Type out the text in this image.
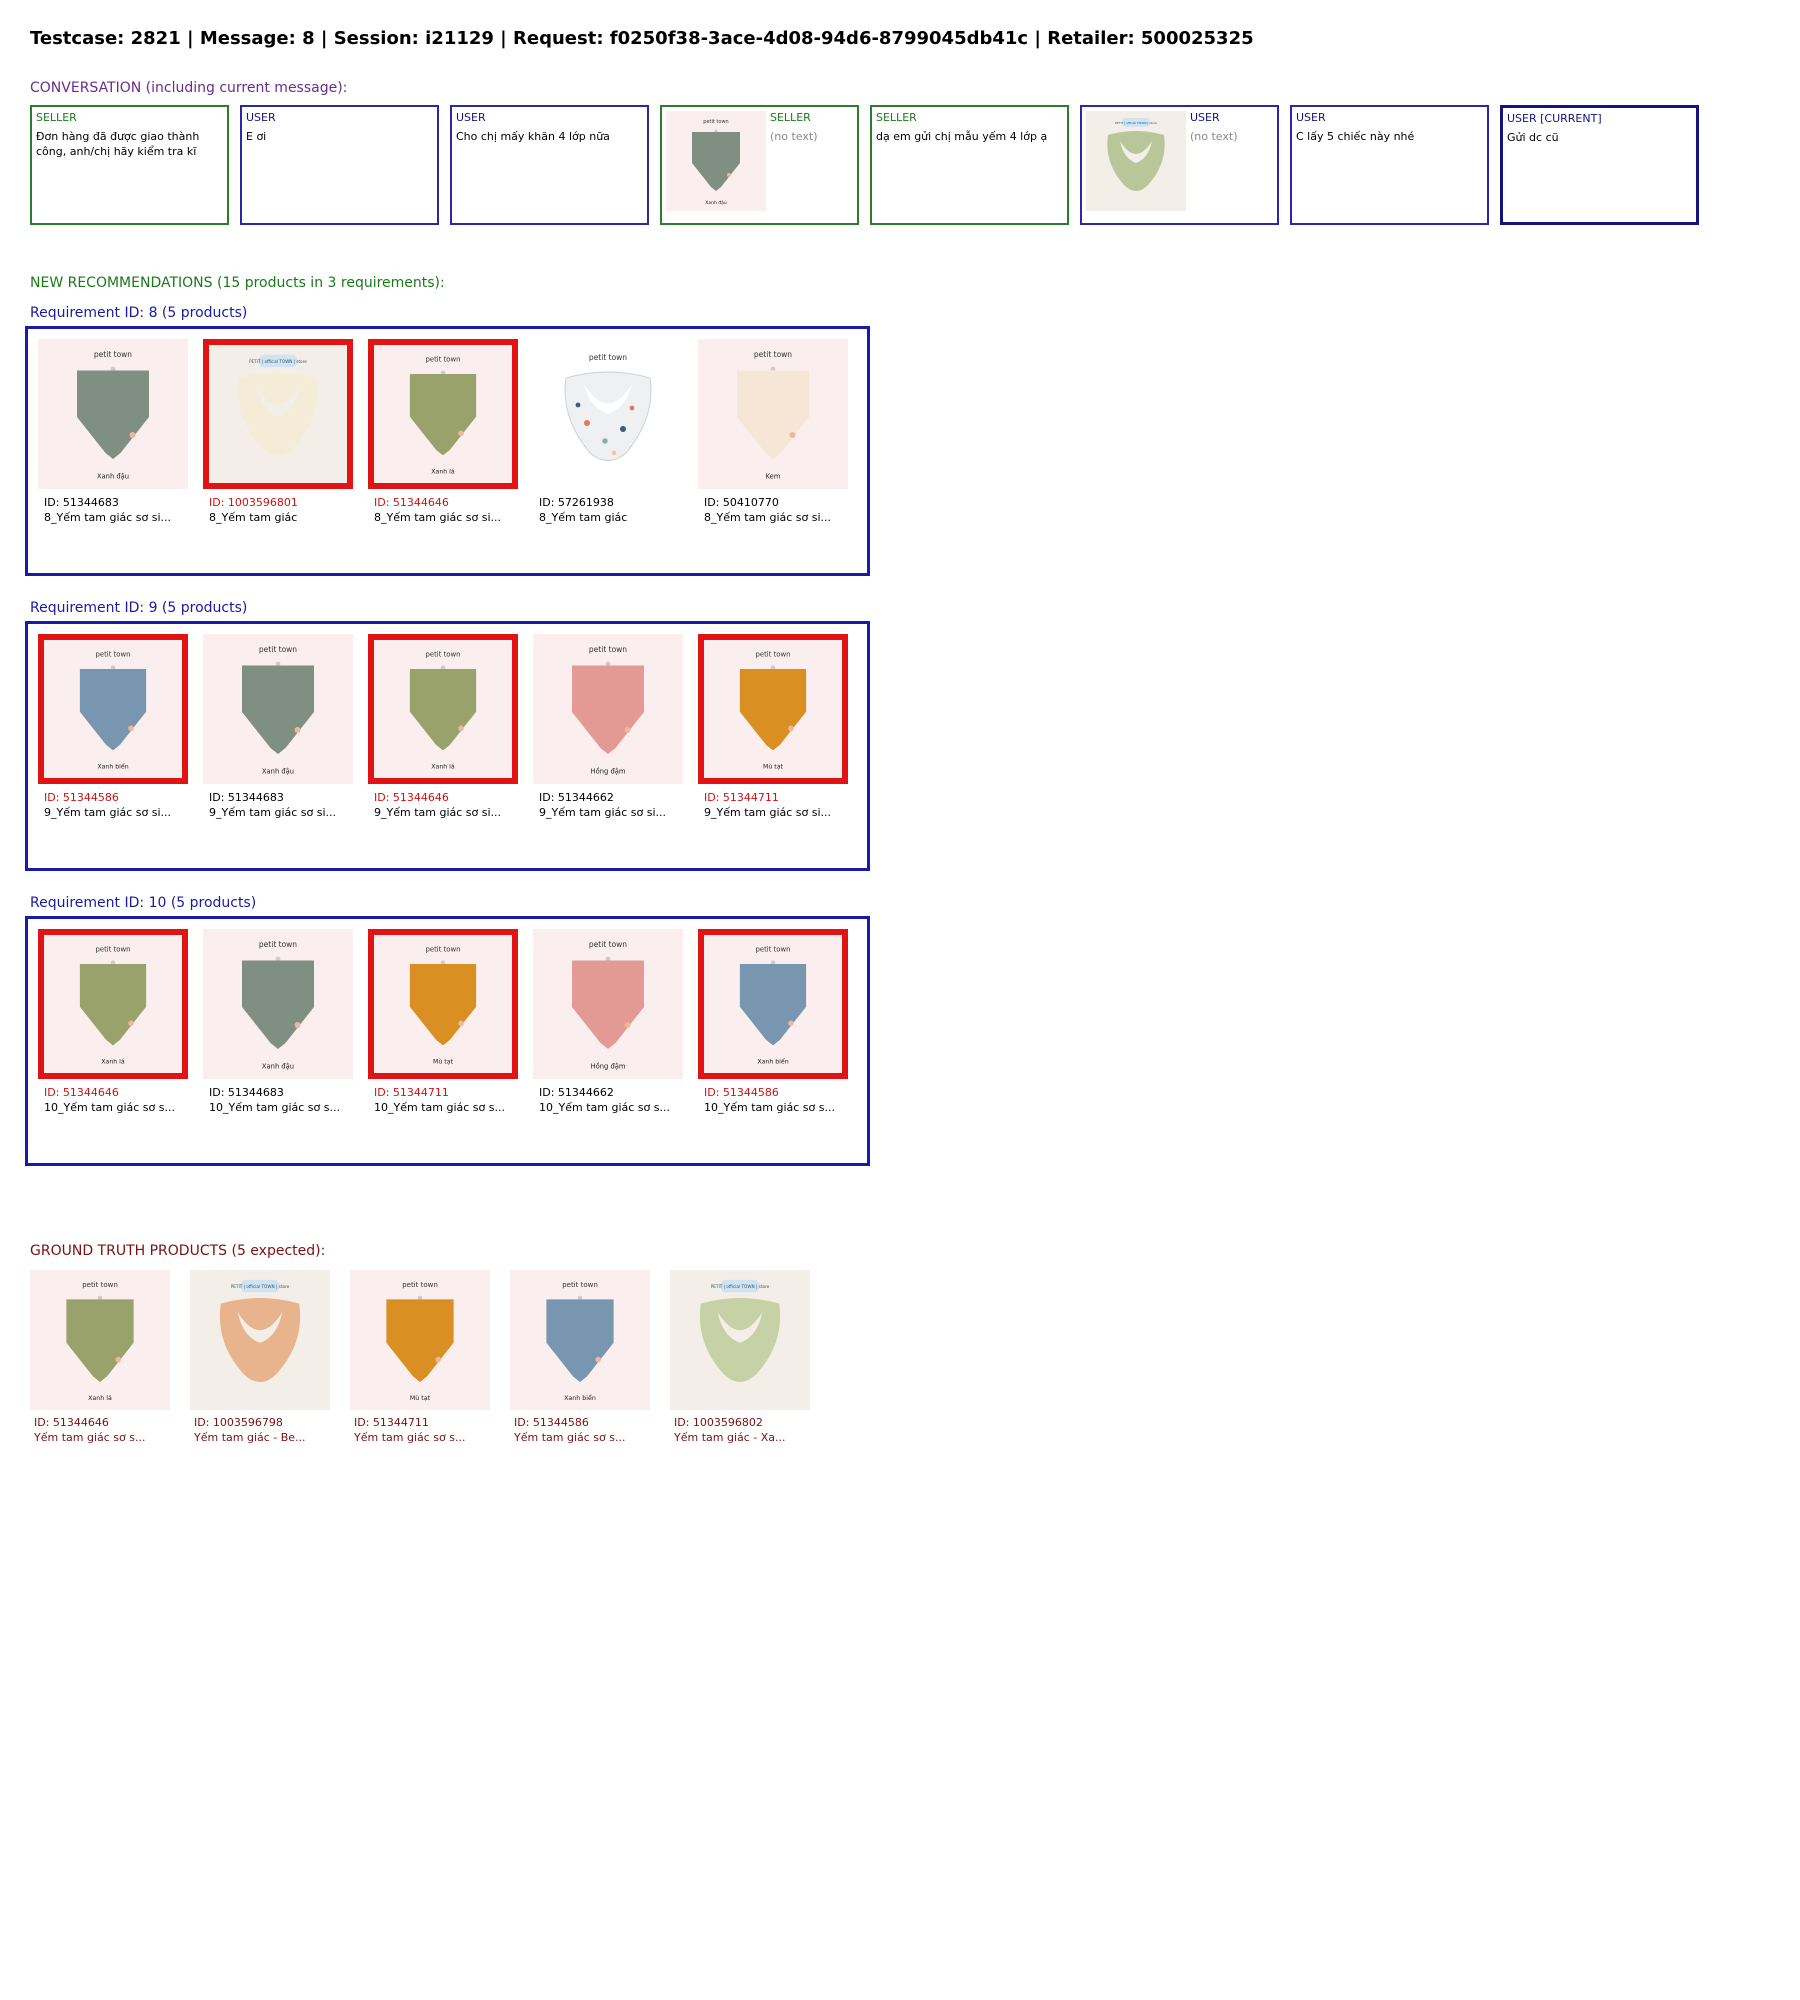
Testcase: 2821 | Message: 8 | Session: i21129 | Request: f0250f38-3ace-4d08-94d6-8799045db41c | Retailer: 500025325
CONVERSATION (including current message):
SELLER
Đơn hàng đã được giao thành công, anh/chị hãy kiểm tra kĩ
USER
E ơi
USER
Cho chị mấy khăn 4 lớp nữa
petit town
Xanh đậu
SELLER
(no text)
SELLER
dạ em gửi chị mẫu yếm 4 lớp ạ
PETIT | official TOWN | store	USER
(no text)
USER
C lấy 5 chiếc này nhé
USER [CURRENT]
Gửi dc cũ
NEW RECOMMENDATIONS (15 products in 3 requirements):
Requirement ID: 8 (5 products)
petit town
Xanh đậu
ID: 51344683
8_Yếm tam giác sơ si...
PETIT | official TOWN | store
ID: 1003596801
8_Yếm tam giác
petit town
Xanh lá
ID: 51344646
8_Yếm tam giác sơ si...
petit town
ID: 57261938
8_Yếm tam giác
petit town
Kem
ID: 50410770
8_Yếm tam giác sơ si...
Requirement ID: 9 (5 products)
petit town
Xanh biển
ID: 51344586
9_Yếm tam giác sơ si...
petit town
Xanh đậu
ID: 51344683
9_Yếm tam giác sơ si...
petit town
Xanh lá
ID: 51344646
9_Yếm tam giác sơ si...
petit town
Hồng đậm
ID: 51344662
9_Yếm tam giác sơ si...
petit town
Mù tạt
ID: 51344711
9_Yếm tam giác sơ si...
Requirement ID: 10 (5 products)
petit town
Xanh lá
ID: 51344646
10_Yếm tam giác sơ s...
petit town
Xanh đậu
ID: 51344683
10_Yếm tam giác sơ s...
petit town
Mù tạt
ID: 51344711
10_Yếm tam giác sơ s...
petit town
Hồng đậm
ID: 51344662
10_Yếm tam giác sơ s...
petit town
Xanh biển
ID: 51344586
10_Yếm tam giác sơ s...
GROUND TRUTH PRODUCTS (5 expected):
petit town
Xanh lá
ID: 51344646
Yếm tam giác sơ s...
PETIT | official TOWN | store
ID: 1003596798
Yếm tam giác - Be...
petit town
Mù tạt
ID: 51344711
Yếm tam giác sơ s...
petit town
Xanh biển
ID: 51344586
Yếm tam giác sơ s...
PETIT | official TOWN | store
ID: 1003596802
Yếm tam giác - Xa...
